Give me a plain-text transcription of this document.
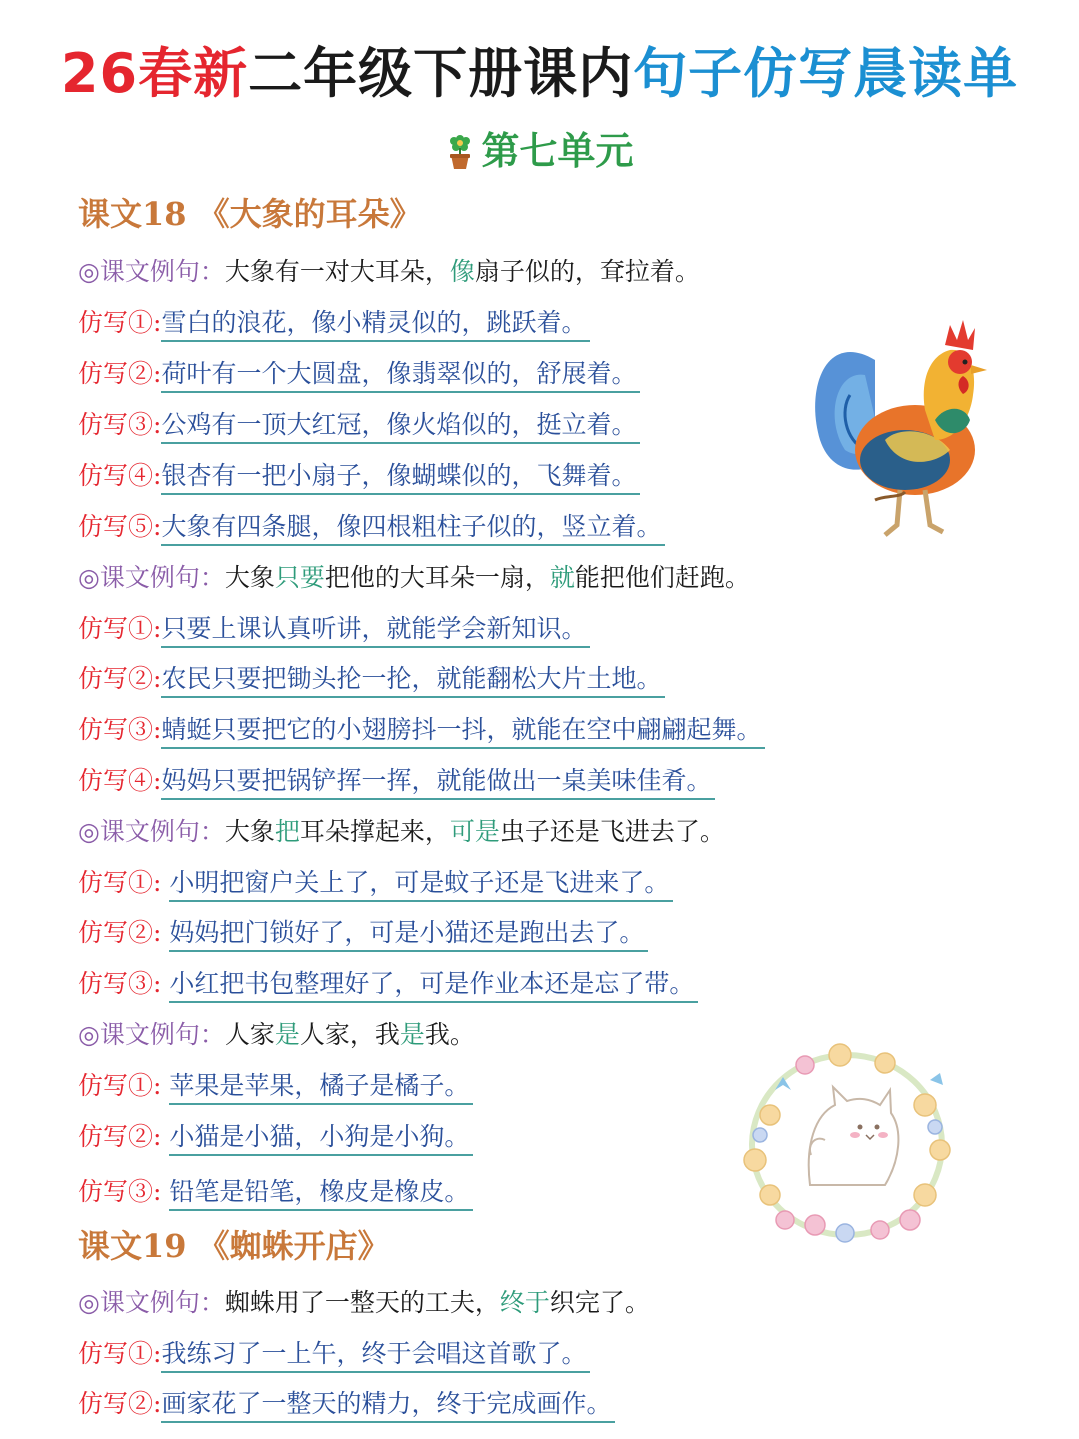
26春新二年级下册课内句子仿写晨读单
第七单元
课文18 《大象的耳朵》
◎课文例句：大象有一对大耳朵，像扇子似的，耷拉着。
仿写①:雪白的浪花，像小精灵似的，跳跃着。
仿写②:荷叶有一个大圆盘，像翡翠似的，舒展着。
仿写③:公鸡有一顶大红冠，像火焰似的，挺立着。
仿写④:银杏有一把小扇子，像蝴蝶似的，飞舞着。
仿写⑤:大象有四条腿，像四根粗柱子似的，竖立着。
◎课文例句：大象只要把他的大耳朵一扇，就能把他们赶跑。
仿写①:只要上课认真听讲，就能学会新知识。
仿写②:农民只要把锄头抡一抡，就能翻松大片土地。
仿写③:蜻蜓只要把它的小翅膀抖一抖，就能在空中翩翩起舞。
仿写④:妈妈只要把锅铲挥一挥，就能做出一桌美味佳肴。
◎课文例句：大象把耳朵撑起来，可是虫子还是飞进去了。
仿写①: 小明把窗户关上了，可是蚊子还是飞进来了。
仿写②: 妈妈把门锁好了，可是小猫还是跑出去了。
仿写③: 小红把书包整理好了，可是作业本还是忘了带。
◎课文例句：人家是人家，我是我。
仿写①: 苹果是苹果，橘子是橘子。
仿写②: 小猫是小猫，小狗是小狗。
仿写③: 铅笔是铅笔，橡皮是橡皮。
课文19 《蜘蛛开店》
◎课文例句：蜘蛛用了一整天的工夫，终于织完了。
仿写①:我练习了一上午，终于会唱这首歌了。
仿写②:画家花了一整天的精力，终于完成画作。
